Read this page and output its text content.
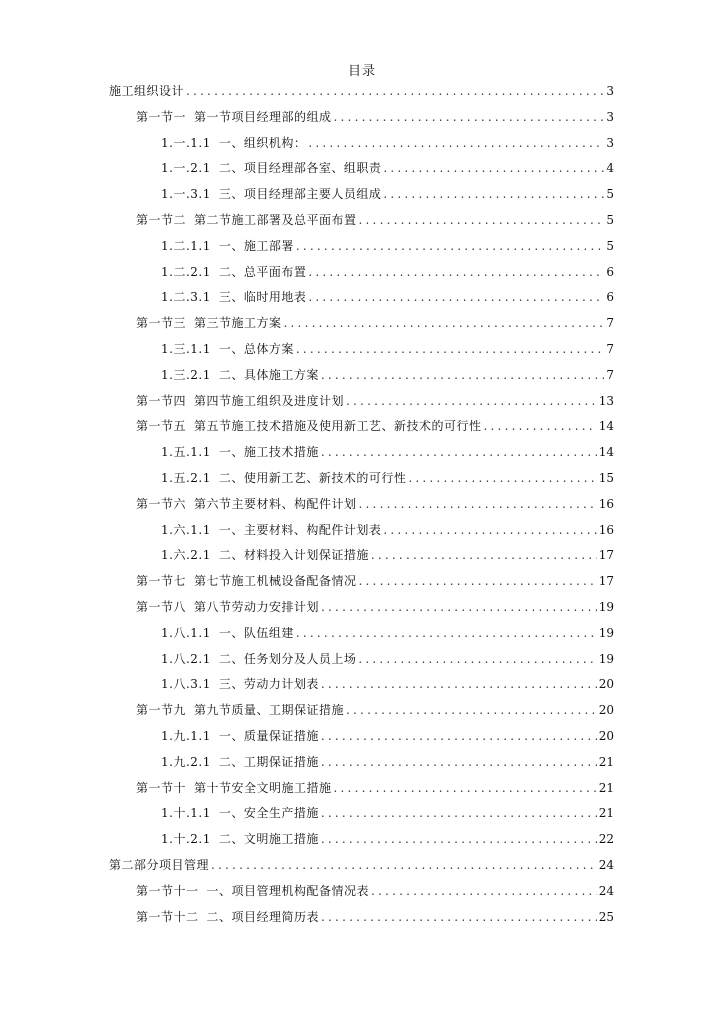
目录
施工组织设计 .....	3
第一节一 第一节项目经理部的组成 .....	3
1.一.1.1 一、组织机构： .....	3
1.一.2.1 二、项目经理部各室、组职责 .....	4
1.一.3.1 三、项目经理部主要人员组成 .....	5
第一节二 第二节施工部署及总平面布置 .....	5
1.二.1.1 一、施工部署 .....	5
1.二.2.1 二、总平面布置 .....	6
1.二.3.1 三、临时用地表 .....	6
第一节三 第三节施工方案 .....	7
1.三.1.1 一、总体方案 .....	7
1.三.2.1 二、具体施工方案 .....	7
第一节四 第四节施工组织及进度计划 .....	13
第一节五 第五节施工技术措施及使用新工艺、新技术的可行性 .....	14
1.五.1.1 一、施工技术措施 .....	14
1.五.2.1 二、使用新工艺、新技术的可行性 .....	15
第一节六 第六节主要材料、构配件计划 .....	16
1.六.1.1 一、主要材料、构配件计划表 .....	16
1.六.2.1 二、材料投入计划保证措施 .....	17
第一节七 第七节施工机械设备配备情况 .....	17
第一节八 第八节劳动力安排计划 .....	19
1.八.1.1 一、队伍组建 .....	19
1.八.2.1 二、任务划分及人员上场 .....	19
1.八.3.1 三、劳动力计划表 .....	20
第一节九 第九节质量、工期保证措施 .....	20
1.九.1.1 一、质量保证措施 .....	20
1.九.2.1 二、工期保证措施 .....	21
第一节十 第十节安全文明施工措施 .....	21
1.十.1.1 一、安全生产措施 .....	21
1.十.2.1 二、文明施工措施 .....	22
第二部分项目管理 .....	24
第一节十一 一、项目管理机构配备情况表 .....	24
第一节十二 二、项目经理简历表 .....	25
